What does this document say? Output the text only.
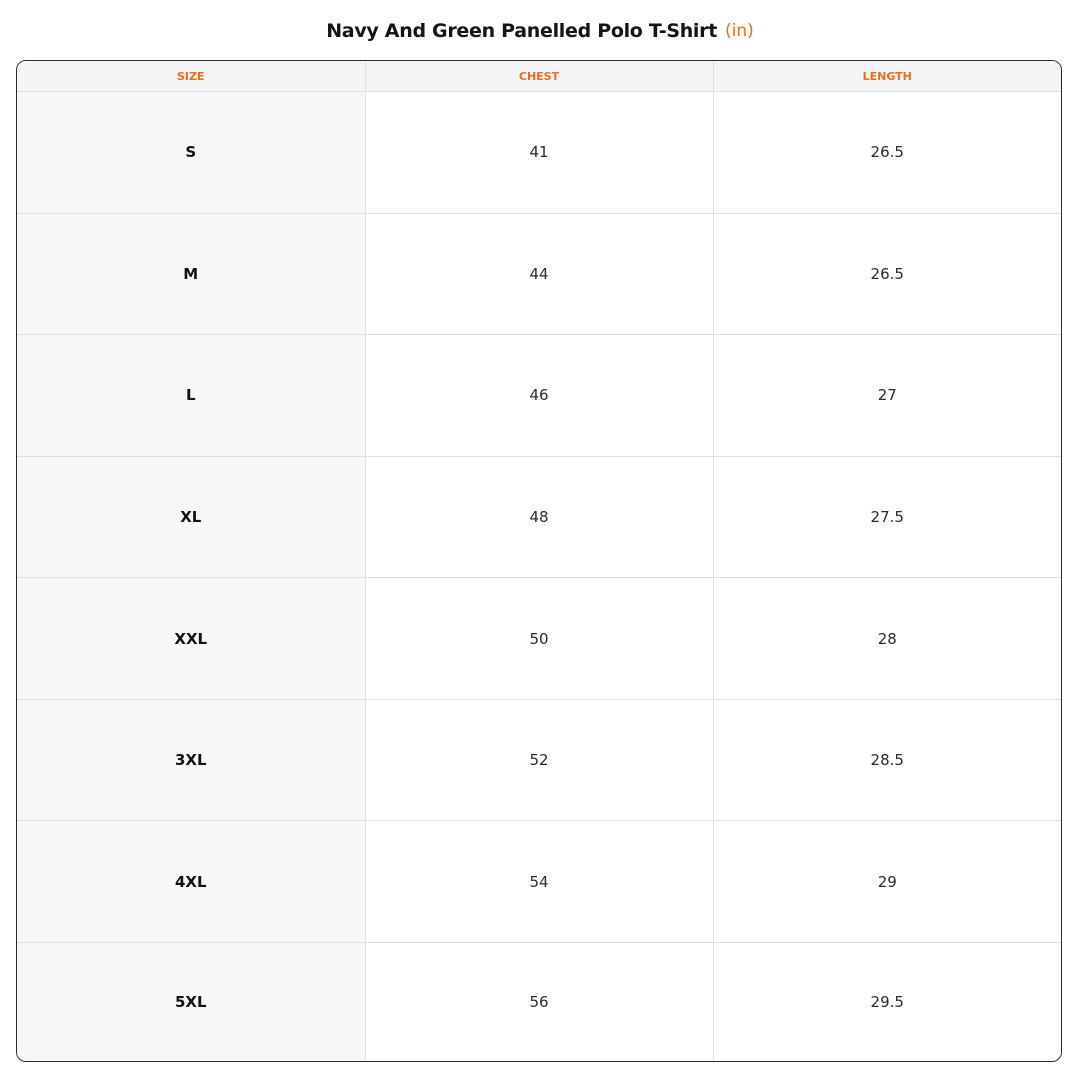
Navy And Green Panelled Polo T-Shirt (in)
SIZE	CHEST	LENGTH
S	41	26.5
M	44	26.5
L	46	27
XL	48	27.5
XXL	50	28
3XL	52	28.5
4XL	54	29
5XL	56	29.5
